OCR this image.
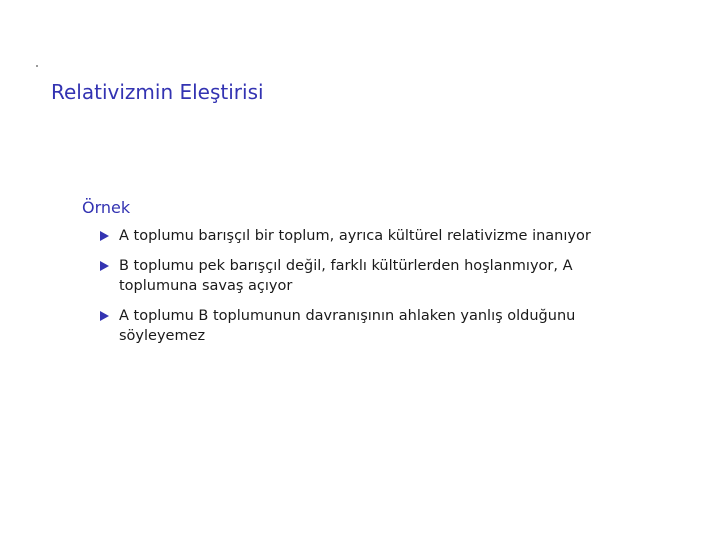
Relativizmin Eleştirisi
Örnek
A toplumu barışçıl bir toplum, ayrıca kültürel relativizme inanıyor
B toplumu pek barışçıl değil, farklı kültürlerden hoşlanmıyor, A toplumuna savaş açıyor
A toplumu B toplumunun davranışının ahlaken yanlış olduğunu söyleyemez
